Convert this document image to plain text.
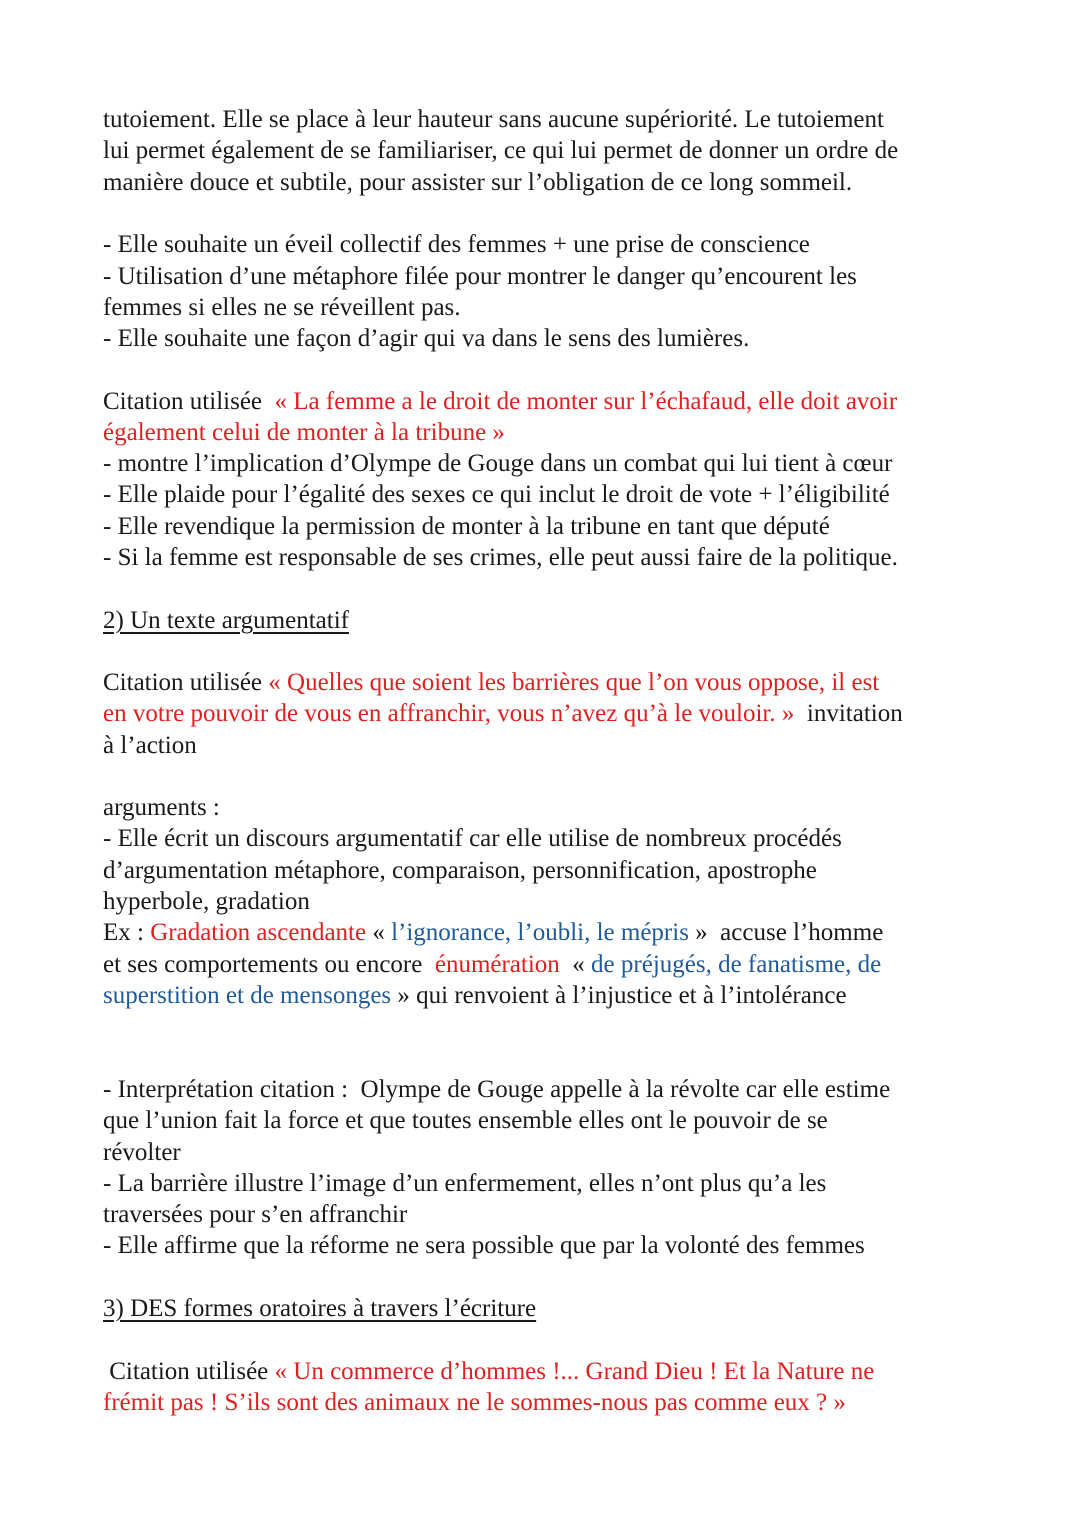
tutoiement. Elle se place à leur hauteur sans aucune supériorité. Le tutoiement
lui permet également de se familiariser, ce qui lui permet de donner un ordre de
manière douce et subtile, pour assister sur l’obligation de ce long sommeil.
- Elle souhaite un éveil collectif des femmes + une prise de conscience
- Utilisation d’une métaphore filée pour montrer le danger qu’encourent les
femmes si elles ne se réveillent pas.
- Elle souhaite une façon d’agir qui va dans le sens des lumières.
Citation utilisée  « La femme a le droit de monter sur l’échafaud, elle doit avoir
également celui de monter à la tribune »
- montre l’implication d’Olympe de Gouge dans un combat qui lui tient à cœur
- Elle plaide pour l’égalité des sexes ce qui inclut le droit de vote + l’éligibilité
- Elle revendique la permission de monter à la tribune en tant que député
- Si la femme est responsable de ses crimes, elle peut aussi faire de la politique.
2) Un texte argumentatif
Citation utilisée « Quelles que soient les barrières que l’on vous oppose, il est
en votre pouvoir de vous en affranchir, vous n’avez qu’à le vouloir. »  invitation
à l’action
arguments :
- Elle écrit un discours argumentatif car elle utilise de nombreux procédés
d’argumentation métaphore, comparaison, personnification, apostrophe
hyperbole, gradation
Ex : Gradation ascendante « l’ignorance, l’oubli, le mépris »  accuse l’homme
et ses comportements ou encore  énumération  « de préjugés, de fanatisme, de
superstition et de mensonges » qui renvoient à l’injustice et à l’intolérance
- Interprétation citation :  Olympe de Gouge appelle à la révolte car elle estime
que l’union fait la force et que toutes ensemble elles ont le pouvoir de se
révolter
- La barrière illustre l’image d’un enfermement, elles n’ont plus qu’a les
traversées pour s’en affranchir
- Elle affirme que la réforme ne sera possible que par la volonté des femmes
3) DES formes oratoires à travers l’écriture
Citation utilisée « Un commerce d’hommes !... Grand Dieu ! Et la Nature ne
frémit pas ! S’ils sont des animaux ne le sommes-nous pas comme eux ? »
